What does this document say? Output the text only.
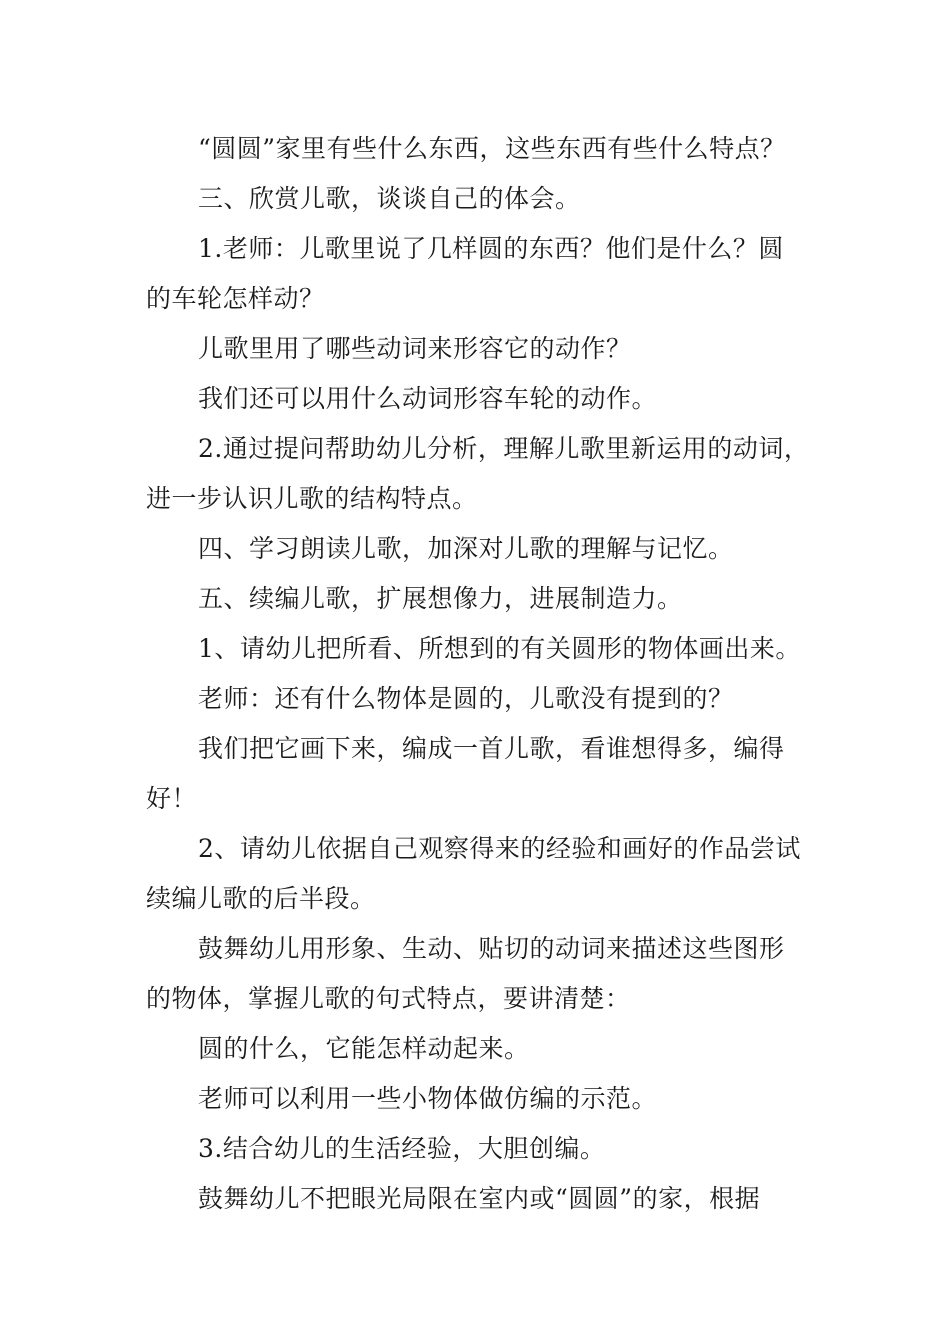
“圆圆”家里有些什么东西，这些东西有些什么特点？
三、欣赏儿歌，谈谈自己的体会。
1.老师：儿歌里说了几样圆的东西？他们是什么？圆
的车轮怎样动？
儿歌里用了哪些动词来形容它的动作？
我们还可以用什么动词形容车轮的动作。
2.通过提问帮助幼儿分析，理解儿歌里新运用的动词，
进一步认识儿歌的结构特点。
四、学习朗读儿歌，加深对儿歌的理解与记忆。
五、续编儿歌，扩展想像力，进展制造力。
1、请幼儿把所看、所想到的有关圆形的物体画出来。
老师：还有什么物体是圆的，儿歌没有提到的？
我们把它画下来，编成一首儿歌，看谁想得多，编得
好！
2、请幼儿依据自己观察得来的经验和画好的作品尝试
续编儿歌的后半段。
鼓舞幼儿用形象、生动、贴切的动词来描述这些图形
的物体，掌握儿歌的句式特点，要讲清楚：
圆的什么，它能怎样动起来。
老师可以利用一些小物体做仿编的示范。
3.结合幼儿的生活经验，大胆创编。
鼓舞幼儿不把眼光局限在室内或“圆圆”的家，根据
